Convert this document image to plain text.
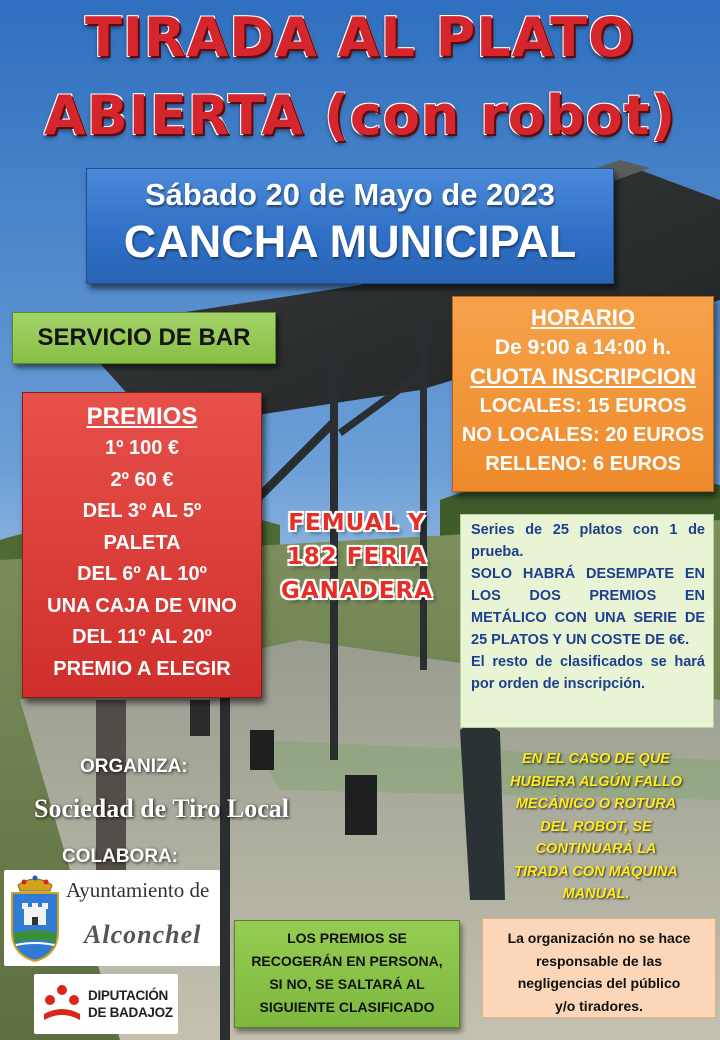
TIRADA AL PLATO
ABIERTA (con robot)
Sábado 20 de Mayo de 2023
CANCHA MUNICIPAL
SERVICIO DE BAR
HORARIO
De 9:00 a 14:00 h.
CUOTA INSCRIPCION
LOCALES: 15 EUROS
NO LOCALES: 20 EUROS
RELLENO: 6 EUROS
PREMIOS
1º 100 €
2º 60 €
DEL 3º AL 5º
PALETA
DEL 6º AL 10º
UNA CAJA DE VINO
DEL 11º AL 20º
PREMIO A ELEGIR
FEMUAL Y
182 FERIA
GANADERA

Series de 25 platos con 1 de prueba.

SOLO HABRÁ DESEMPATE EN LOS DOS PREMIOS EN METÁLICO CON UNA SERIE DE 25 PLATOS Y UN COSTE DE 6€.

El resto de clasificados se hará por orden de inscripción.

EN EL CASO DE QUE
HUBIERA ALGÚN FALLO
MECÁNICO O ROTURA
DEL ROBOT, SE
CONTINUARÁ LA
TIRADA CON MÁQUINA
MANUAL.
ORGANIZA:
Sociedad de Tiro Local
COLABORA:
Ayuntamiento de
Alconchel
DIPUTACIÓN
DE BADAJOZ
LOS PREMIOS SE
RECOGERÁN EN PERSONA,
SI NO, SE SALTARÁ AL
SIGUIENTE CLASIFICADO
La organización no se hace
responsable de las
negligencias del público
y/o tiradores.
